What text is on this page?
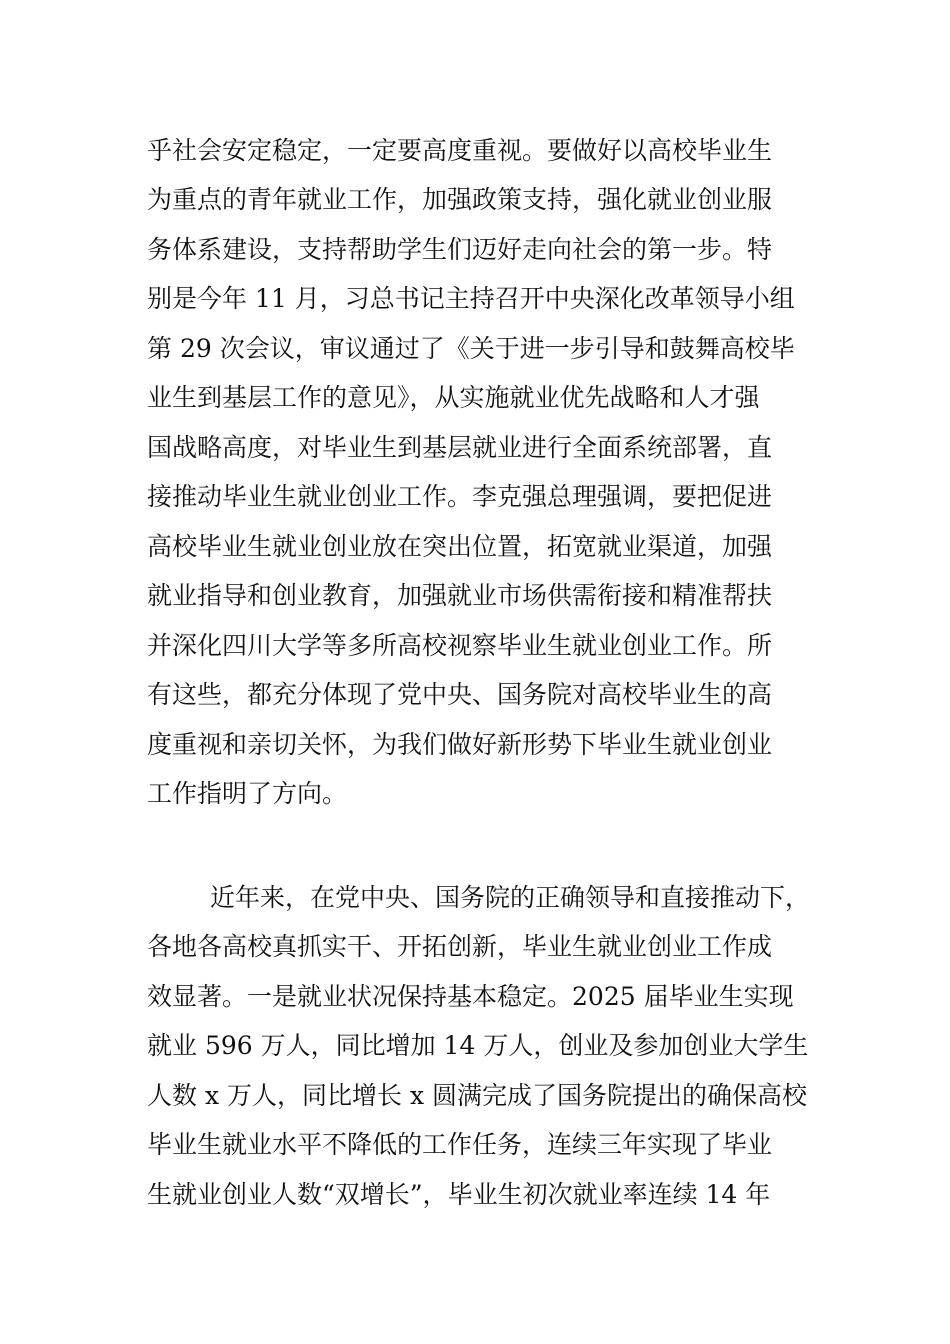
乎社会安定稳定，一定要高度重视。要做好以高校毕业生
为重点的青年就业工作，加强政策支持，强化就业创业服
务体系建设，支持帮助学生们迈好走向社会的第一步。特
别是今年 11 月，习总书记主持召开中央深化改革领导小组
第 29 次会议，审议通过了《关于进一步引导和鼓舞高校毕
业生到基层工作的意见》，从实施就业优先战略和人才强
国战略高度，对毕业生到基层就业进行全面系统部署，直
接推动毕业生就业创业工作。李克强总理强调，要把促进
高校毕业生就业创业放在突出位置，拓宽就业渠道，加强
就业指导和创业教育，加强就业市场供需衔接和精准帮扶
并深化四川大学等多所高校视察毕业生就业创业工作。所
有这些，都充分体现了党中央、国务院对高校毕业生的高
度重视和亲切关怀，为我们做好新形势下毕业生就业创业
工作指明了方向。
近年来，在党中央、国务院的正确领导和直接推动下，
各地各高校真抓实干、开拓创新，毕业生就业创业工作成
效显著。一是就业状况保持基本稳定。2025 届毕业生实现
就业 596 万人，同比增加 14 万人，创业及参加创业大学生
人数 x 万人，同比增长 x 圆满完成了国务院提出的确保高校
毕业生就业水平不降低的工作任务，连续三年实现了毕业
生就业创业人数“双增长”，毕业生初次就业率连续 14 年
